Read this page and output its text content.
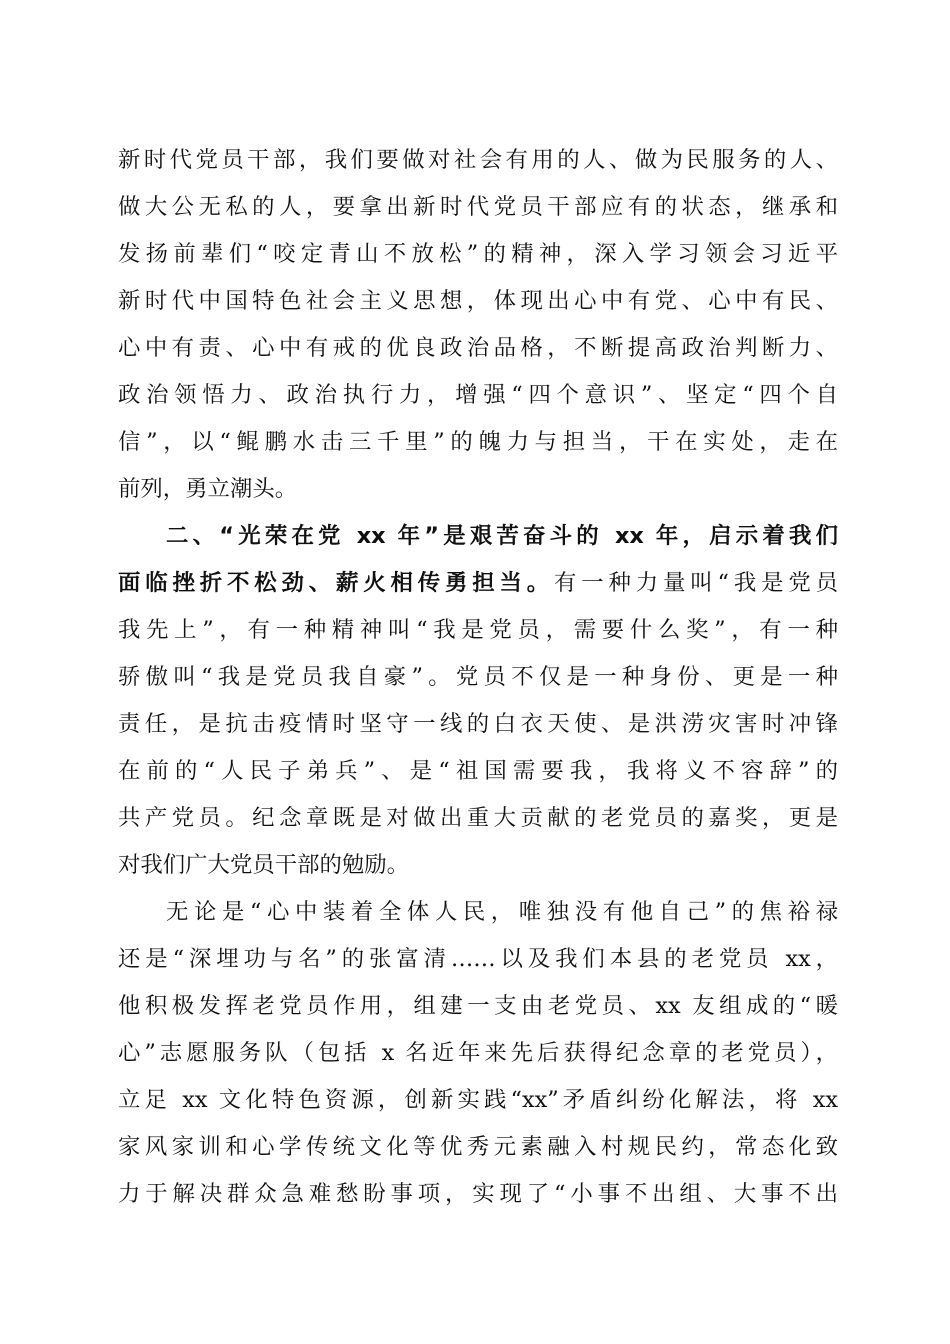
新时代党员干部，我们要做对社会有用的人、做为民服务的人、
做大公无私的人，要拿出新时代党员干部应有的状态，继承和
发扬前辈们“咬定青山不放松”的精神，深入学习领会习近平
新时代中国特色社会主义思想，体现出心中有党、心中有民、
心中有责、心中有戒的优良政治品格，不断提高政治判断力、
政治领悟力、政治执行力，增强“四个意识”、坚定“四个自
信”，以“鲲鹏水击三千里”的魄力与担当，干在实处，走在
前列，勇立潮头。
二、“光荣在党 xx 年”是艰苦奋斗的 xx 年，启示着我们
面临挫折不松劲、薪火相传勇担当。有一种力量叫“我是党员
我先上”，有一种精神叫“我是党员，需要什么奖”，有一种
骄傲叫“我是党员我自豪”。党员不仅是一种身份、更是一种
责任，是抗击疫情时坚守一线的白衣天使、是洪涝灾害时冲锋
在前的“人民子弟兵”、是“祖国需要我，我将义不容辞”的
共产党员。纪念章既是对做出重大贡献的老党员的嘉奖，更是
对我们广大党员干部的勉励。
无论是“心中装着全体人民，唯独没有他自己”的焦裕禄
还是“深埋功与名”的张富清……以及我们本县的老党员 xx，
他积极发挥老党员作用，组建一支由老党员、xx 友组成的“暖
心”志愿服务队（包括 x 名近年来先后获得纪念章的老党员），
立足 xx 文化特色资源，创新实践“xx”矛盾纠纷化解法，将 xx
家风家训和心学传统文化等优秀元素融入村规民约，常态化致
力于解决群众急难愁盼事项，实现了“小事不出组、大事不出
